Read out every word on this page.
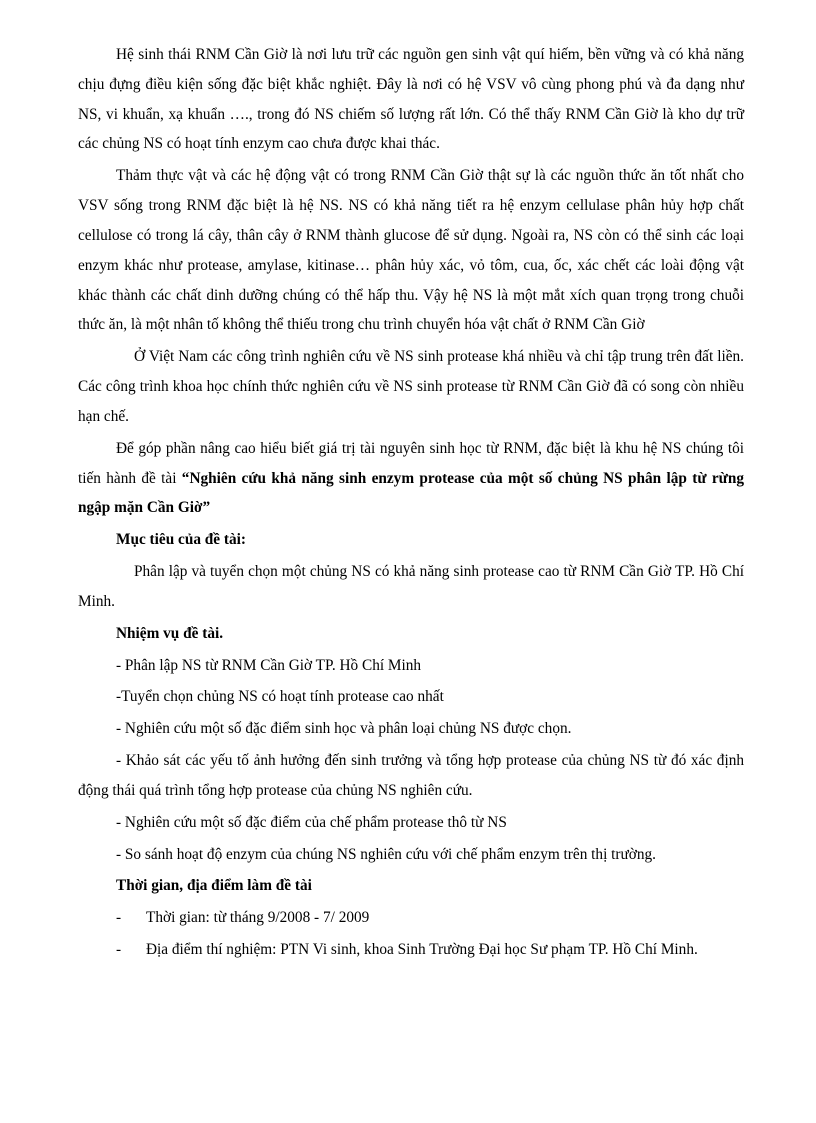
Hệ sinh thái RNM Cần Giờ là nơi lưu trữ các nguồn gen sinh vật quí hiếm, bền vững và có khả năng chịu đựng điều kiện sống đặc biệt khắc nghiệt. Đây là nơi có hệ VSV vô cùng phong phú và đa dạng như NS, vi khuẩn, xạ khuẩn …., trong đó NS chiếm số lượng rất lớn. Có thể thấy RNM Cần Giờ là kho dự trữ các chủng NS có hoạt tính enzym cao chưa được khai thác.

Thảm thực vật và các hệ động vật có trong RNM Cần Giờ thật sự là các nguồn thức ăn tốt nhất cho VSV sống trong RNM đặc biệt là hệ NS. NS có khả năng tiết ra hệ enzym cellulase phân hủy hợp chất cellulose có trong lá cây, thân cây ở RNM thành glucose để sử dụng. Ngoài ra, NS còn có thể sinh các loại enzym khác như protease, amylase, kitinase… phân hủy xác, vỏ tôm, cua, ốc, xác chết các loài động vật khác thành các chất dinh dưỡng chúng có thể hấp thu. Vậy hệ NS là một mắt xích quan trọng trong chuỗi thức ăn, là một nhân tố không thể thiếu trong chu trình chuyển hóa vật chất ở RNM Cần Giờ

Ở Việt Nam các công trình nghiên cứu về NS sinh protease khá nhiều và chỉ tập trung trên đất liền. Các công trình khoa học chính thức nghiên cứu về NS sinh protease từ RNM Cần Giờ đã có song còn nhiều hạn chế.

Để góp phần nâng cao hiểu biết giá trị tài nguyên sinh học từ RNM, đặc biệt là khu hệ NS chúng tôi tiến hành đề tài “Nghiên cứu khả năng sinh enzym protease của một số chủng NS phân lập từ rừng ngập mặn Cần Giờ”

Mục tiêu của đề tài:

Phân lập và tuyển chọn một chủng NS có khả năng sinh protease cao từ RNM Cần Giờ TP. Hồ Chí Minh.

Nhiệm vụ đề tài.

- Phân lập NS từ RNM Cần Giờ TP. Hồ Chí Minh

-Tuyển chọn chủng NS có hoạt tính protease cao nhất

- Nghiên cứu một số đặc điểm sinh học và phân loại chủng NS được chọn.

- Khảo sát các yếu tố ảnh hưởng đến sinh trưởng và tổng hợp protease của chủng NS từ đó xác định động thái quá trình tổng hợp protease của chủng NS nghiên cứu.

- Nghiên cứu một số đặc điểm của chế phẩm protease thô từ NS

- So sánh hoạt độ enzym của chúng NS nghiên cứu với chế phẩm enzym trên thị trường.

Thời gian, địa điểm làm đề tài

- Thời gian: từ tháng 9/2008 - 7/ 2009
- Địa điểm thí nghiệm: PTN Vi sinh, khoa Sinh Trường Đại học Sư phạm TP. Hồ Chí Minh.
